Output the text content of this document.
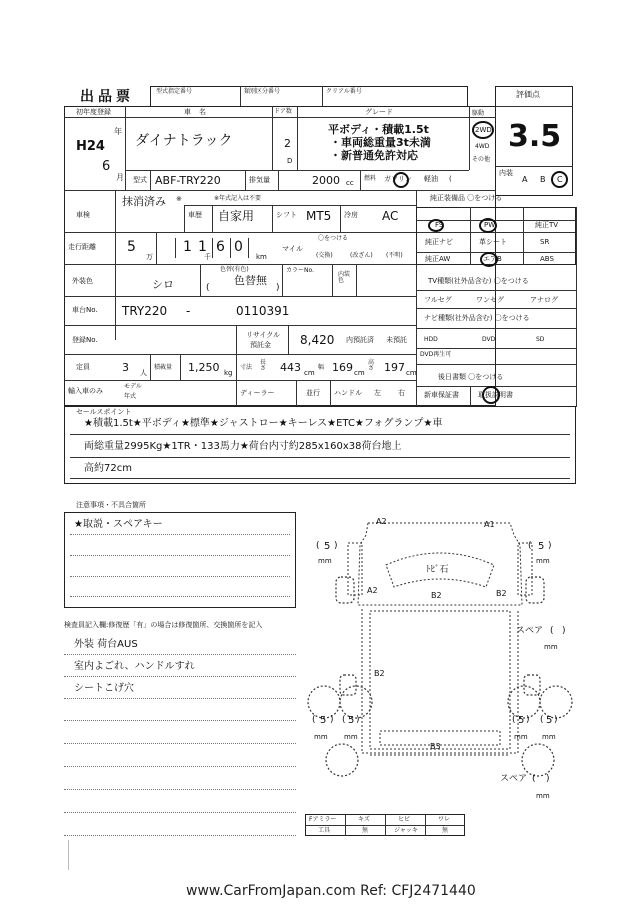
出品票	型式指定番号	類別区分番号	クリアル番号	評価点
3.5
内装
A B C
初年度登録	車名	ドア数	グレード	駆動
年
H24
6
月
ダイナトラック	2
D
平ボディ・積載1.5t
・車両総重量3t未満
・新普通免許対応
2WD
4WD
その他
型式 ABF-TRY220	排気量	2000 cc
燃料 ガソリン 軽油 (
車検
抹消済み ※
車歴 自家用
※年式記入は不要
シフト MT5 冷房 AC
純正装備品 〇をつける
FS	PW	純正TV
純正ナビ	革シート	SR
純正AW	エアB	ABS
走行距離 5
万
1
千
1 6 0
km
マイル
〇をつける
(交換)	(改ざん) (不明)
外装色	シロ
色替(有色)
色替無
(	)
カラーNo.
内装色	TV種類(社外品含む) 〇をつける
フルセグ	ワンセグ	アナログ
ナビ種類(社外品含む) 〇をつける
HDD	DVD	SD
DVD再生可
車台No. TRY220 -	0110391
登録No.
リサイクル
預託金 8,420 内預託済 未預託
定員	3 人
積載量 1,250 kg
寸法
長さ 443 cm
幅 169 cm
高さ 197 cm
輸入車のみ
モデル
年式	ディーラー	並行 ハンドル 左 右
後日書類 〇をつける
新車保証書	取扱説明書
セールスポイント
★積載1.5t★平ボディ★標準★ジャストロー★キーレス★ETC★フォグランプ★車
両総重量2995Kg★1TR・133馬力★荷台内寸約285x160x38荷台地上
高約72cm
注意事項・不具合箇所
★取説・スペアキー
検査員記入欄:修復歴「有」の場合は修復箇所、交換箇所を記入
外装 荷台AUS
室内よごれ、ハンドルすれ
シートこげ穴
A2	A1
A2
B2	B2
B2
B3
ﾄﾋﾞ石
( 5 )
mm
( 5 )
mm
( 5 )
mm
( 5 )
mm
( 5 )
mm
( 5 )
mm
スペア ( )
mm
スペア ( )
mm
Fアミラー	キズ	ヒビ	ワレ
工具	無	ジャッキ	無
www.CarFromJapan.com Ref: CFJ2471440
